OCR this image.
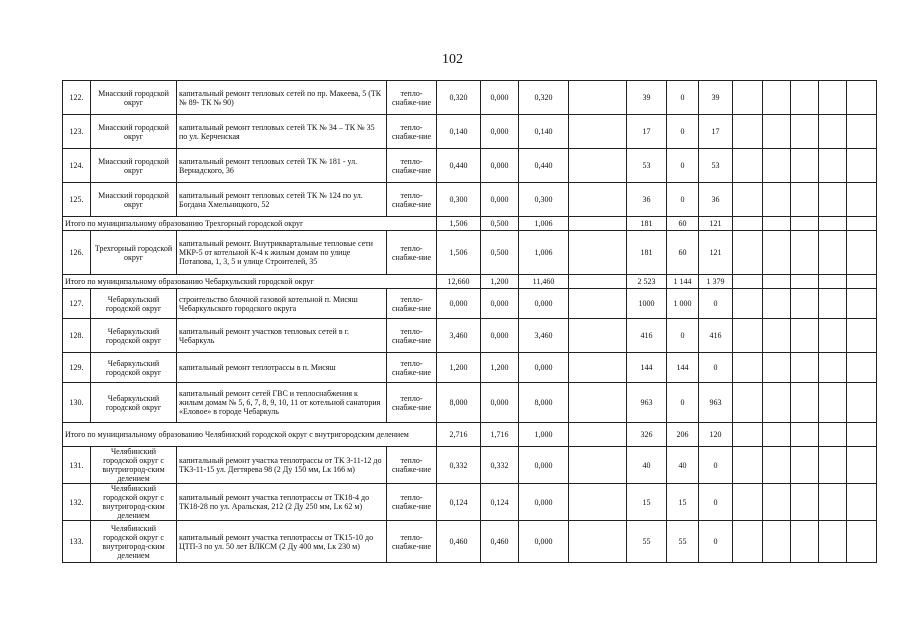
102
122.	Миасский городской округ	капитальный ремонт тепловых сетей по пр. Макеева, 5 (ТК № 89- ТК № 90)	тепло-снабже-ние	0,320	0,000	0,320		39	0	39					
123.	Миасский городской округ	капитальный ремонт тепловых сетей ТК № 34 – ТК № 35 по ул. Керченская	тепло-снабже-ние	0,140	0,000	0,140		17	0	17					
124.	Миасский городской округ	капитальный ремонт тепловых сетей ТК № 181 - ул. Вернадского, 36	тепло-снабже-ние	0,440	0,000	0,440		53	0	53					
125.	Миасский городской округ	капитальный ремонт тепловых сетей ТК № 124 по ул. Богдана Хмельницкого, 52	тепло-снабже-ние	0,300	0,000	0,300		36	0	36					
Итого по муниципальному образованию Трехгорный городской округ				1,506	0,500	1,006		181	60	121					
126.	Трехгорный городской округ	капитальный ремонт. Внутриквартальные тепловые сети МКР-5 от котельной К-4 к жилым домам по улице Потапова, 1, 3, 5 и улице Строителей, 35	тепло-снабже-ние	1,506	0,500	1,006		181	60	121					
Итого по муниципальному образованию Чебаркульский городской округ				12,660	1,200	11,460		2 523	1 144	1 379					
127.	Чебаркульский городской округ	строительство блочной газовой котельной п. Мисяш Чебаркульского городского округа	тепло-снабже-ние	0,000	0,000	0,000		1000	1 000	0					
128.	Чебаркульский городской округ	капитальный ремонт участков тепловых сетей в г. Чебаркуль	тепло-снабже-ние	3,460	0,000	3,460		416	0	416					
129.	Чебаркульский городской округ	капитальный ремонт теплотрассы в п. Мисяш	тепло-снабже-ние	1,200	1,200	0,000		144	144	0					
130.	Чебаркульский городской округ	капитальный ремонт сетей ГВС и теплоснабжения к жилым домам № 5, 6, 7, 8, 9, 10, 11 от котельной санатория «Еловое» в городе Чебаркуль	тепло-снабже-ние	8,000	0,000	8,000		963	0	963					
Итого по муниципальному образованию Челябинский городской округ с внутригородским делением				2,716	1,716	1,000		326	206	120					
131.	Челябинский городской округ с внутригород-ским делением	капитальный ремонт участка теплотрассы от ТК 3-11-12 до ТК3-11-15 ул. Дегтярева 98 (2 Ду 150 мм, Lк 166 м)	тепло-снабже-ние	0,332	0,332	0,000		40	40	0					
132.	Челябинский городской округ с внутригород-ским делением	капитальный ремонт участка теплотрассы от ТК18-4 до ТК18-28 по ул. Аральская, 212 (2 Ду 250 мм, Lк 62 м)	тепло-снабже-ние	0,124	0,124	0,000		15	15	0					
133.	Челябинский городской округ с внутригород-ским делением	капитальный ремонт участка теплотрассы от ТК15-10 до ЦТП-3 по ул. 50 лет ВЛКСМ (2 Ду 400 мм, Lк 230 м)	тепло-снабже-ние	0,460	0,460	0,000		55	55	0					
